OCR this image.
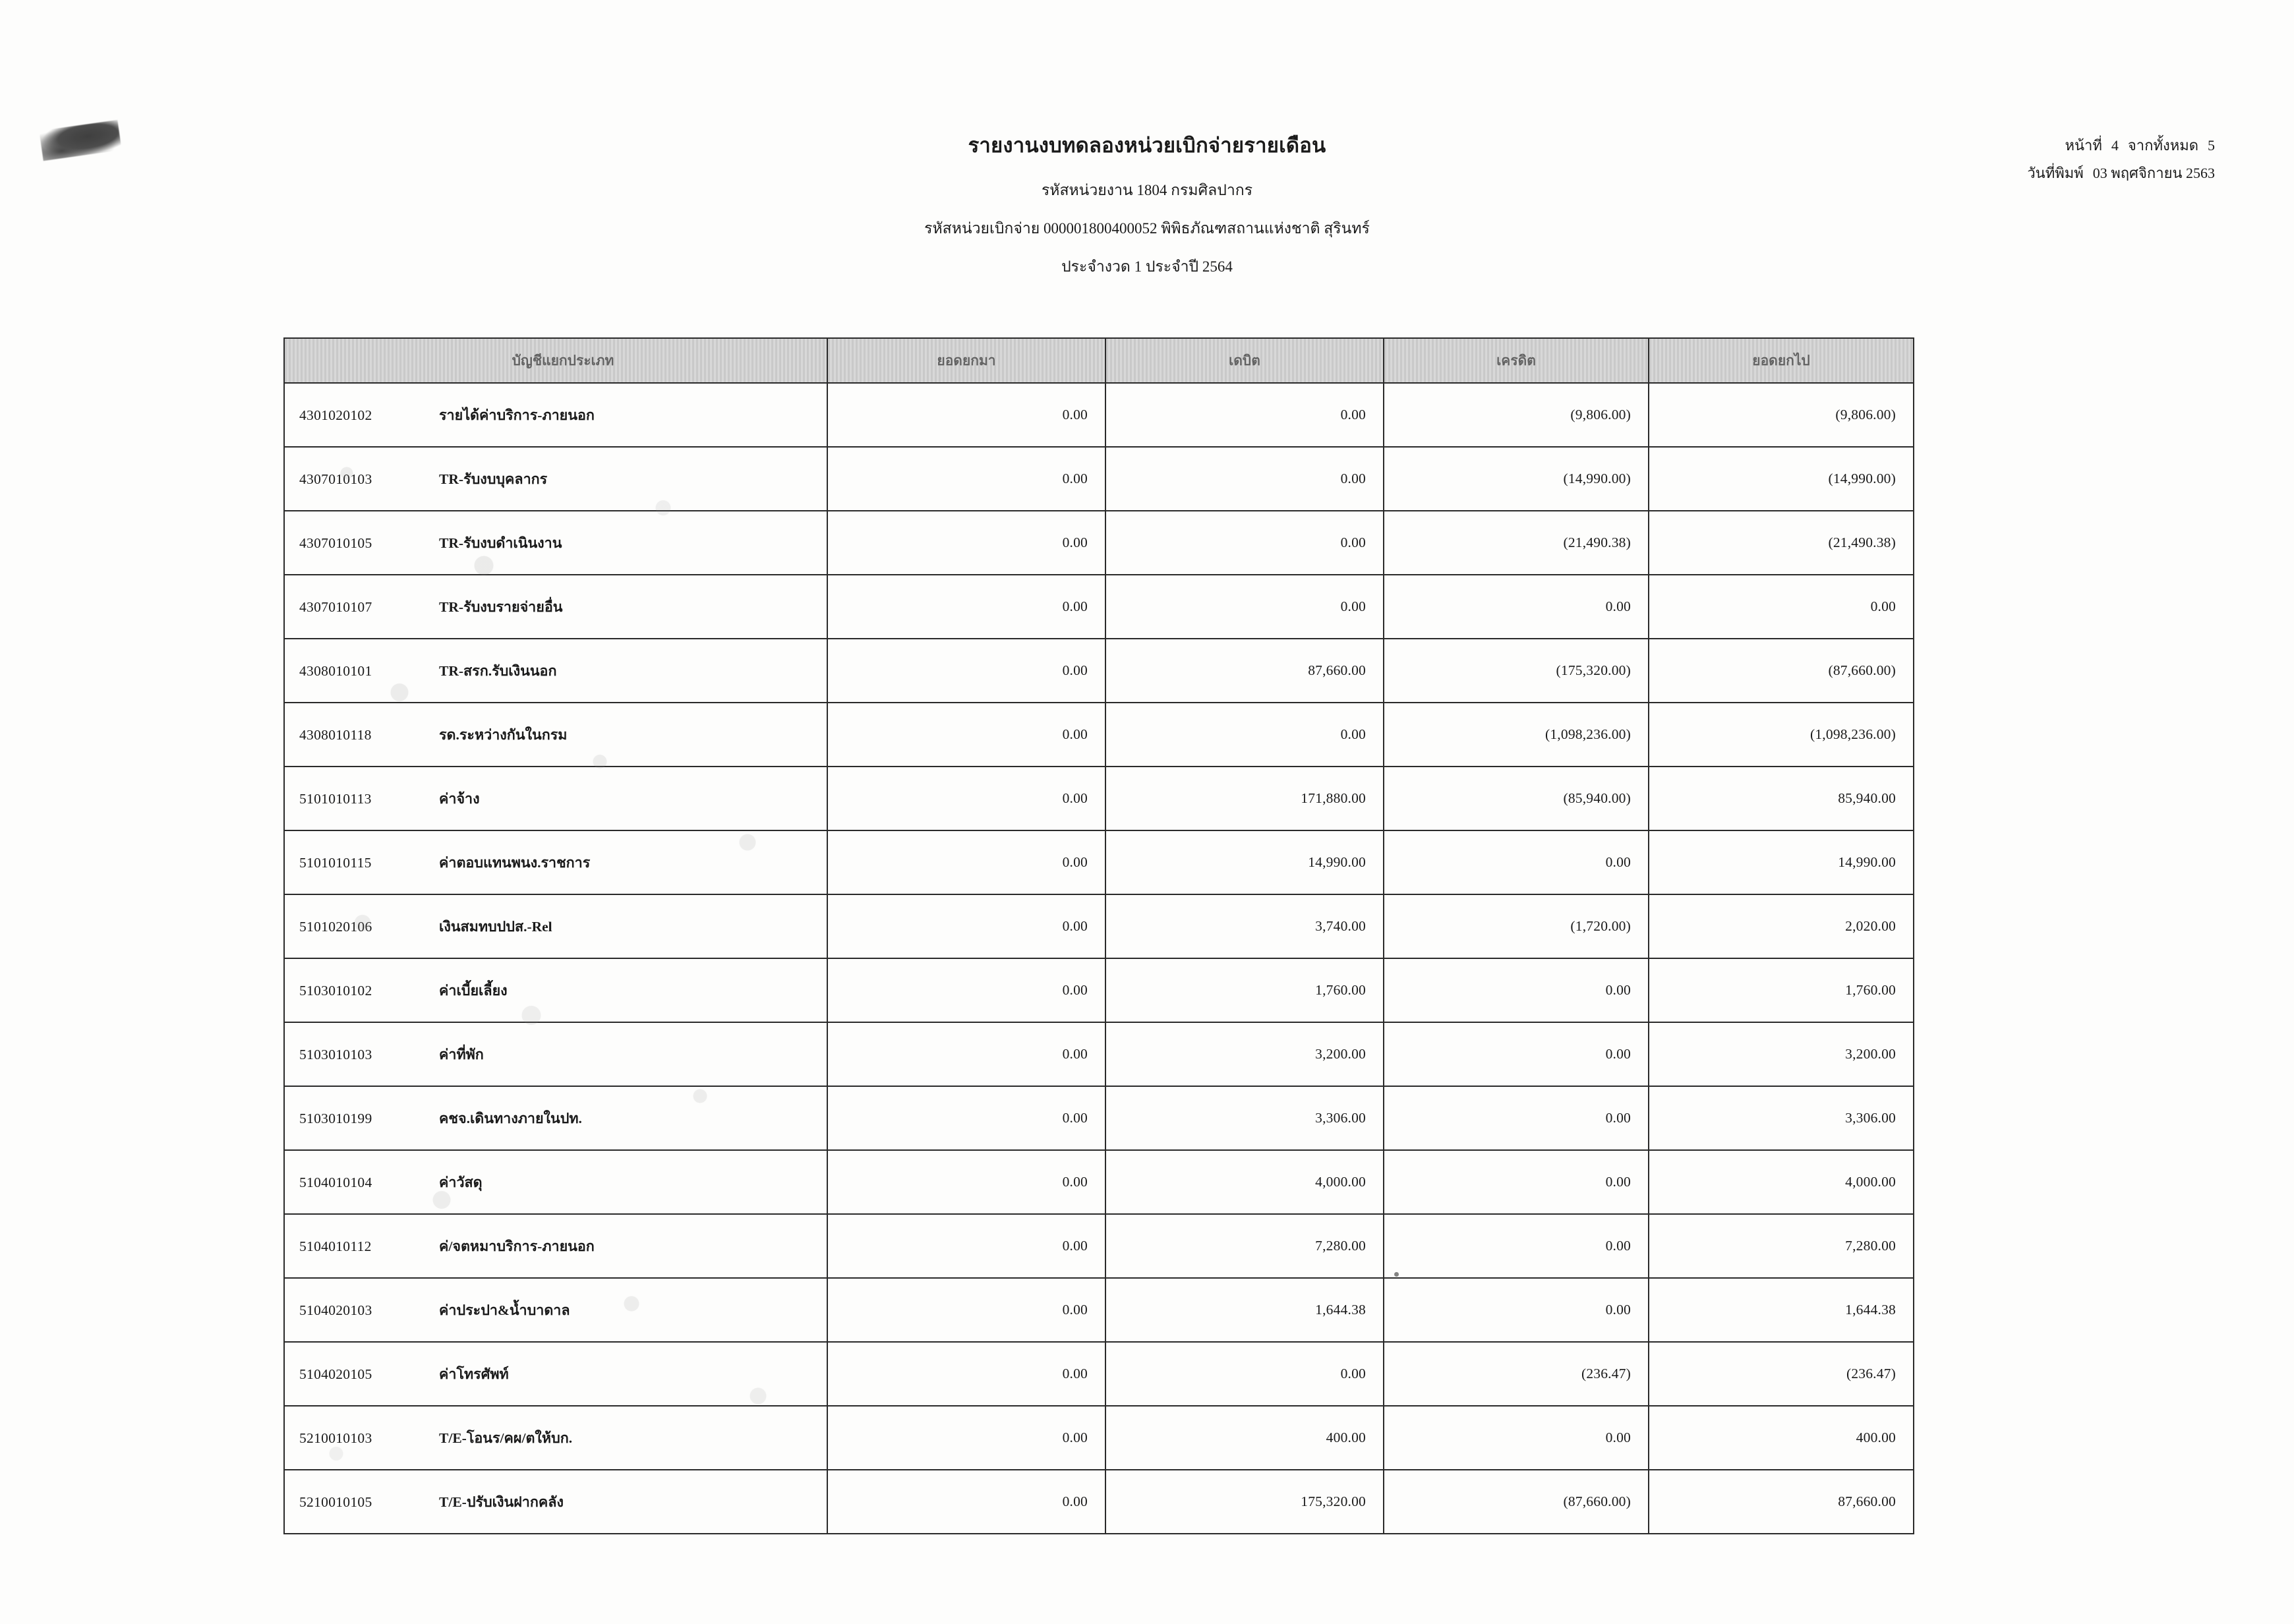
รายงานงบทดลองหน่วยเบิกจ่ายรายเดือน
รหัสหน่วยงาน 1804 กรมศิลปากร
รหัสหน่วยเบิกจ่าย 000001800400052 พิพิธภัณฑสถานแห่งชาติ สุรินทร์
ประจำงวด 1 ประจำปี 2564
หน้าที่ 4 จากทั้งหมด 5
วันที่พิมพ์ 03 พฤศจิกายน 2563
บัญชีแยกประเภท	ยอดยกมา	เดบิต	เครดิต	ยอดยกไป
4301020102 รายได้ค่าบริการ-ภายนอก	0.00	0.00	(9,806.00)	(9,806.00)
4307010103 TR-รับงบบุคลากร	0.00	0.00	(14,990.00)	(14,990.00)
4307010105 TR-รับงบดำเนินงาน	0.00	0.00	(21,490.38)	(21,490.38)
4307010107 TR-รับงบรายจ่ายอื่น	0.00	0.00	0.00	0.00
4308010101 TR-สรก.รับเงินนอก	0.00	87,660.00	(175,320.00)	(87,660.00)
4308010118 รด.ระหว่างกันในกรม	0.00	0.00	(1,098,236.00)	(1,098,236.00)
5101010113 ค่าจ้าง	0.00	171,880.00	(85,940.00)	85,940.00
5101010115 ค่าตอบแทนพนง.ราชการ	0.00	14,990.00	0.00	14,990.00
5101020106 เงินสมทบปปส.-Rel	0.00	3,740.00	(1,720.00)	2,020.00
5103010102 ค่าเบี้ยเลี้ยง	0.00	1,760.00	0.00	1,760.00
5103010103 ค่าที่พัก	0.00	3,200.00	0.00	3,200.00
5103010199 คชจ.เดินทางภายในปท.	0.00	3,306.00	0.00	3,306.00
5104010104 ค่าวัสดุ	0.00	4,000.00	0.00	4,000.00
5104010112 ค่/จตหมาบริการ-ภายนอก	0.00	7,280.00	0.00	7,280.00
5104020103 ค่าประปา&น้ำบาดาล	0.00	1,644.38	0.00	1,644.38
5104020105 ค่าโทรศัพท์	0.00	0.00	(236.47)	(236.47)
5210010103 T/E-โอนร/คผ/ตให้บก.	0.00	400.00	0.00	400.00
5210010105 T/E-ปรับเงินฝากคลัง	0.00	175,320.00	(87,660.00)	87,660.00
